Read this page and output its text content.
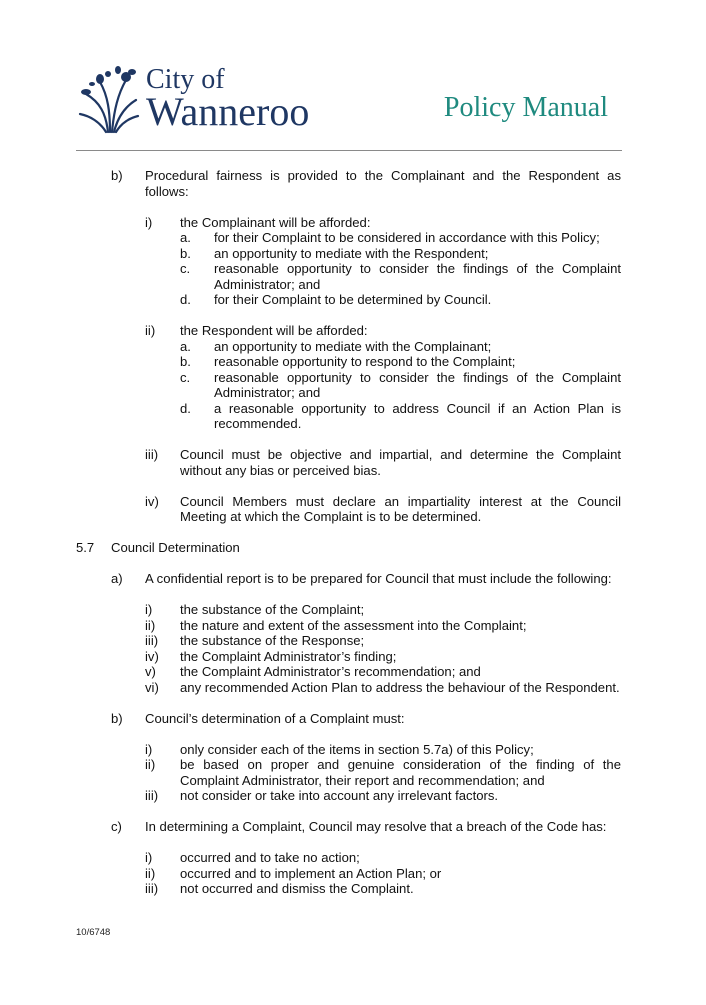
City of
Wanneroo	Policy Manual
b) Procedural fairness is provided to the Complainant and the Respondent as follows:
i) the Complainant will be afforded:
a. for their Complaint to be considered in accordance with this Policy;
b. an opportunity to mediate with the Respondent;
c. reasonable opportunity to consider the findings of the Complaint Administrator; and
d. for their Complaint to be determined by Council.
ii) the Respondent will be afforded:
a. an opportunity to mediate with the Complainant;
b. reasonable opportunity to respond to the Complaint;
c. reasonable opportunity to consider the findings of the Complaint Administrator; and
d. a reasonable opportunity to address Council if an Action Plan is recommended.
iii) Council must be objective and impartial, and determine the Complaint without any bias or perceived bias.
iv) Council Members must declare an impartiality interest at the Council Meeting at which the Complaint is to be determined.
5.7 Council Determination
a) A confidential report is to be prepared for Council that must include the following:
i) the substance of the Complaint;
ii) the nature and extent of the assessment into the Complaint;
iii) the substance of the Response;
iv) the Complaint Administrator’s finding;
v) the Complaint Administrator’s recommendation; and
vi) any recommended Action Plan to address the behaviour of the Respondent.
b) Council’s determination of a Complaint must:
i) only consider each of the items in section 5.7a) of this Policy;
ii) be based on proper and genuine consideration of the finding of the Complaint Administrator, their report and recommendation; and
iii) not consider or take into account any irrelevant factors.
c) In determining a Complaint, Council may resolve that a breach of the Code has:
i) occurred and to take no action;
ii) occurred and to implement an Action Plan; or
iii) not occurred and dismiss the Complaint.
10/6748
